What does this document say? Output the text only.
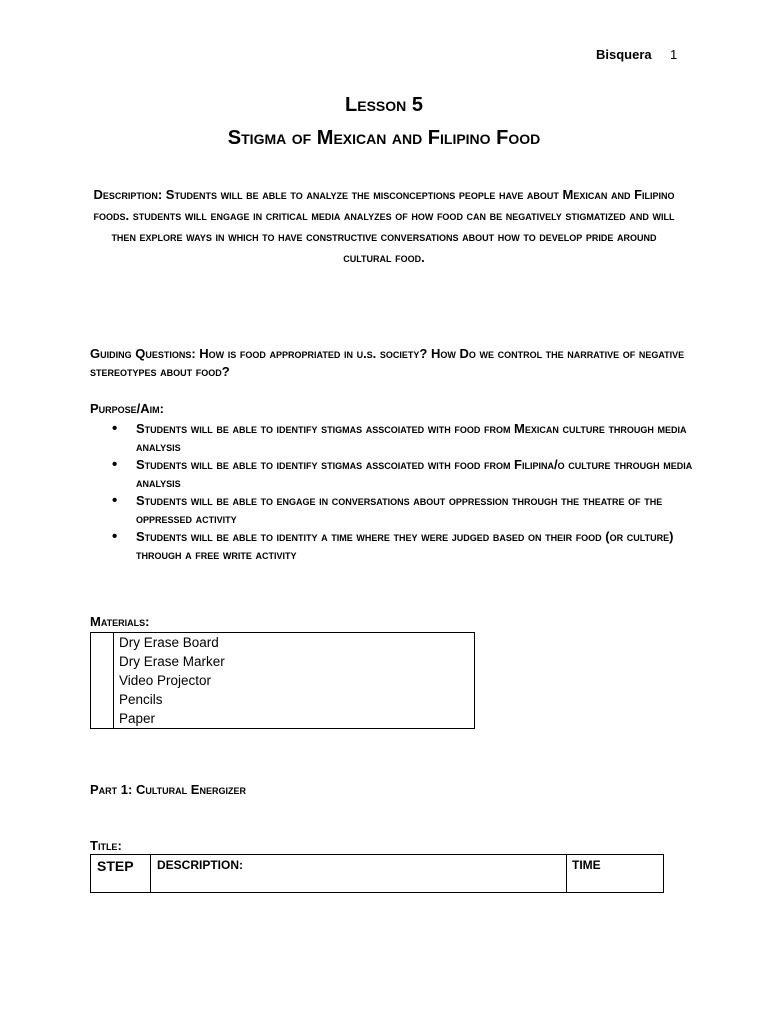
Bisquera 1
Lesson 5
Stigma of Mexican and Filipino Food
Description: Students will be able to analyze the misconceptions people have about Mexican and Filipino foods. students will engage in critical media analyzes of how food can be negatively stigmatized and will then explore ways in which to have constructive conversations about how to develop pride around cultural food.
Guiding Questions: How is food appropriated in u.s. society? How Do we control the narrative of negative stereotypes about food?
Purpose/Aim:
• Students will be able to identify stigmas asscoiated with food from Mexican culture through media analysis
• Students will be able to identify stigmas asscoiated with food from Filipina/o culture through media analysis
• Students will be able to engage in conversations about oppression through the theatre of the oppressed activity
• Students will be able to identity a time where they were judged based on their food (or culture) through a free write activity
Materials:
Dry Erase Board
Dry Erase Marker
Video Projector
Pencils
Paper
Part 1: Cultural Energizer
Title:
STEP DESCRIPTION:	TIME
